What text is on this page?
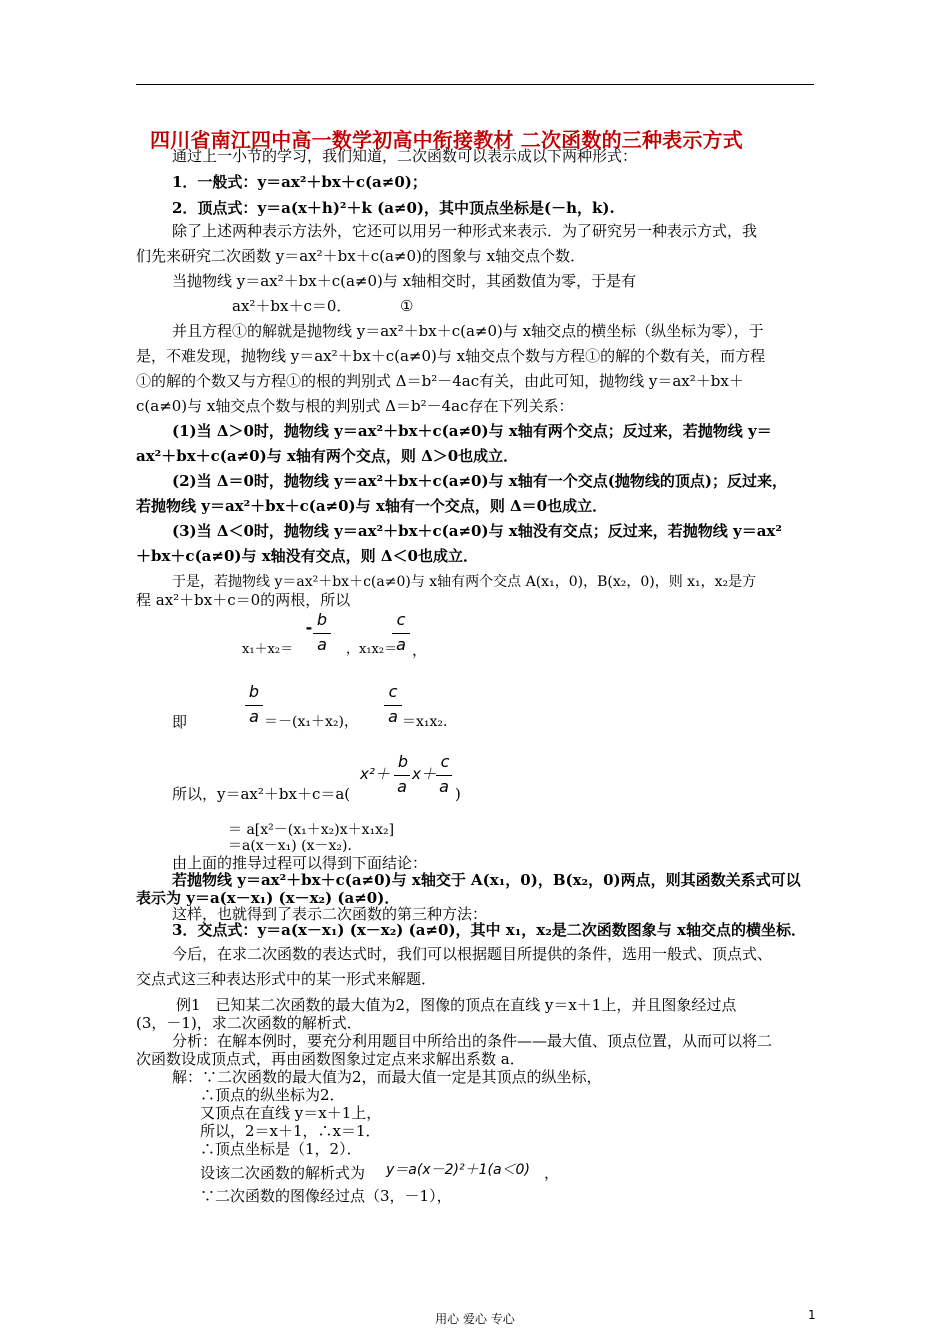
四川省南江四中高一数学初高中衔接教材 二次函数的三种表示方式
通过上一小节的学习，我们知道，二次函数可以表示成以下两种形式：
1．一般式：y＝ax²＋bx＋c(a≠0)；
2．顶点式：y＝a(x＋h)²＋k (a≠0)，其中顶点坐标是(－h，k).
除了上述两种表示方法外，它还可以用另一种形式来表示．为了研究另一种表示方式，我
们先来研究二次函数 y＝ax²＋bx＋c(a≠0)的图象与 x轴交点个数．
当抛物线 y＝ax²＋bx＋c(a≠0)与 x轴相交时，其函数值为零，于是有
ax²＋bx＋c＝0．	①
并且方程①的解就是抛物线 y＝ax²＋bx＋c(a≠0)与 x轴交点的横坐标（纵坐标为零），于
是，不难发现，抛物线 y＝ax²＋bx＋c(a≠0)与 x轴交点个数与方程①的解的个数有关，而方程
①的解的个数又与方程①的根的判别式 Δ＝b²－4ac有关，由此可知，抛物线 y＝ax²＋bx＋
c(a≠0)与 x轴交点个数与根的判别式 Δ＝b²－4ac存在下列关系：
(1)当 Δ＞0时，抛物线 y＝ax²＋bx＋c(a≠0)与 x轴有两个交点；反过来，若抛物线 y＝
ax²＋bx＋c(a≠0)与 x轴有两个交点，则 Δ＞0也成立．
(2)当 Δ＝0时，抛物线 y＝ax²＋bx＋c(a≠0)与 x轴有一个交点(抛物线的顶点)；反过来，
若抛物线 y＝ax²＋bx＋c(a≠0)与 x轴有一个交点，则 Δ＝0也成立．
(3)当 Δ＜0时，抛物线 y＝ax²＋bx＋c(a≠0)与 x轴没有交点；反过来，若抛物线 y＝ax²
＋bx＋c(a≠0)与 x轴没有交点，则 Δ＜0也成立．
于是，若抛物线 y＝ax²＋bx＋c(a≠0)与 x轴有两个交点 A(x₁，0)，B(x₂，0)，则 x₁，x₂是方
程 ax²＋bx＋c＝0的两根，所以
x₁＋x₂＝
- b
a	，x₁x₂＝
c
a ，
即
b
a ＝－(x₁＋x₂)，
c
a ＝x₁x₂．
所以，y＝ax²＋bx＋c＝a(
x²＋
b
a
x＋
c
a )
＝ a[x²－(x₁＋x₂)x＋x₁x₂]
＝a(x－x₁) (x－x₂)．
由上面的推导过程可以得到下面结论：
若抛物线 y＝ax²＋bx＋c(a≠0)与 x轴交于 A(x₁，0)，B(x₂，0)两点，则其函数关系式可以
表示为 y＝a(x－x₁) (x－x₂) (a≠0)．
这样，也就得到了表示二次函数的第三种方法：
3．交点式：y＝a(x－x₁) (x－x₂) (a≠0)，其中 x₁，x₂是二次函数图象与 x轴交点的横坐标．
今后，在求二次函数的表达式时，我们可以根据题目所提供的条件，选用一般式、顶点式、
交点式这三种表达形式中的某一形式来解题．
例1　已知某二次函数的最大值为2，图像的顶点在直线 y＝x＋1上，并且图象经过点
(3，－1)，求二次函数的解析式．
分析：在解本例时，要充分利用题目中所给出的条件——最大值、顶点位置，从而可以将二
次函数设成顶点式，再由函数图象过定点来求解出系数 a．
解：∵二次函数的最大值为2，而最大值一定是其顶点的纵坐标，
∴顶点的纵坐标为2．
又顶点在直线 y＝x＋1上，
所以，2＝x＋1，∴x＝1．
∴顶点坐标是（1，2）．
设该二次函数的解析式为 y＝a(x－2)²＋1(a＜0) ，
∵二次函数的图像经过点（3，－1），
用心 爱心 专心	1
